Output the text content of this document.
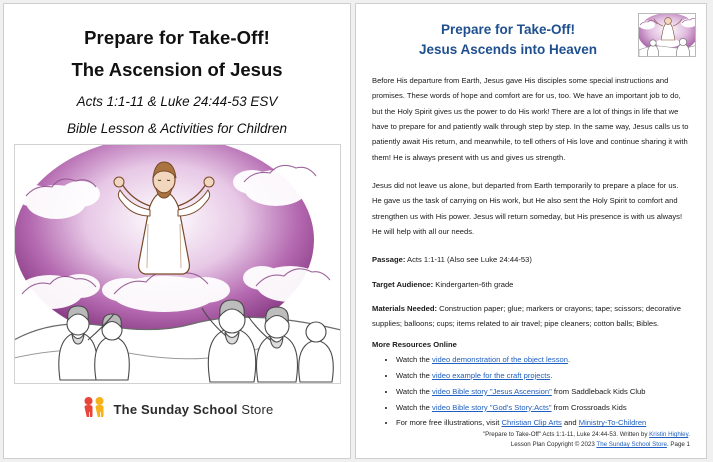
Prepare for Take-Off!
The Ascension of Jesus
Acts 1:1-11 & Luke 24:44-53 ESV
Bible Lesson & Activities for Children
The Sunday School Store
Prepare for Take-Off!
Jesus Ascends into Heaven

Before His departure from Earth, Jesus gave His disciples some special instructions and promises. These words of hope and comfort are for us, too. We have an important job to do, but the Holy Spirit gives us the power to do His work! There are a lot of things in life that we have to prepare for and patiently walk through step by step. In the same way, Jesus calls us to patiently await His return, and meanwhile, to tell others of His love and continue sharing it with them! He is always present with us and gives us strength.

Jesus did not leave us alone, but departed from Earth temporarily to prepare a place for us. He gave us the task of carrying on His work, but He also sent the Holy Spirit to comfort and strengthen us with His power. Jesus will return someday, but His presence is with us always! He will help with all our needs.

Passage: Acts 1:1-11 (Also see Luke 24:44-53)

Target Audience: Kindergarten-6th grade

Materials Needed: Construction paper; glue; markers or crayons; tape; scissors; decorative supplies; balloons; cups; items related to air travel; pipe cleaners; cotton balls; Bibles.

More Resources Online
• Watch the video demonstration of the object lesson.
• Watch the video example for the craft projects.
• Watch the video Bible story "Jesus Ascension" from Saddleback Kids Club
• Watch the video Bible story "God's Story:Acts" from Crossroads Kids
• For more free illustrations, visit Christian Clip Arts and Ministry-To-Children
"Prepare to Take-Off" Acts 1:1-11, Luke 24:44-53. Written by Kristin Highley.
Lesson Plan Copyright © 2023 The Sunday School Store. Page 1
